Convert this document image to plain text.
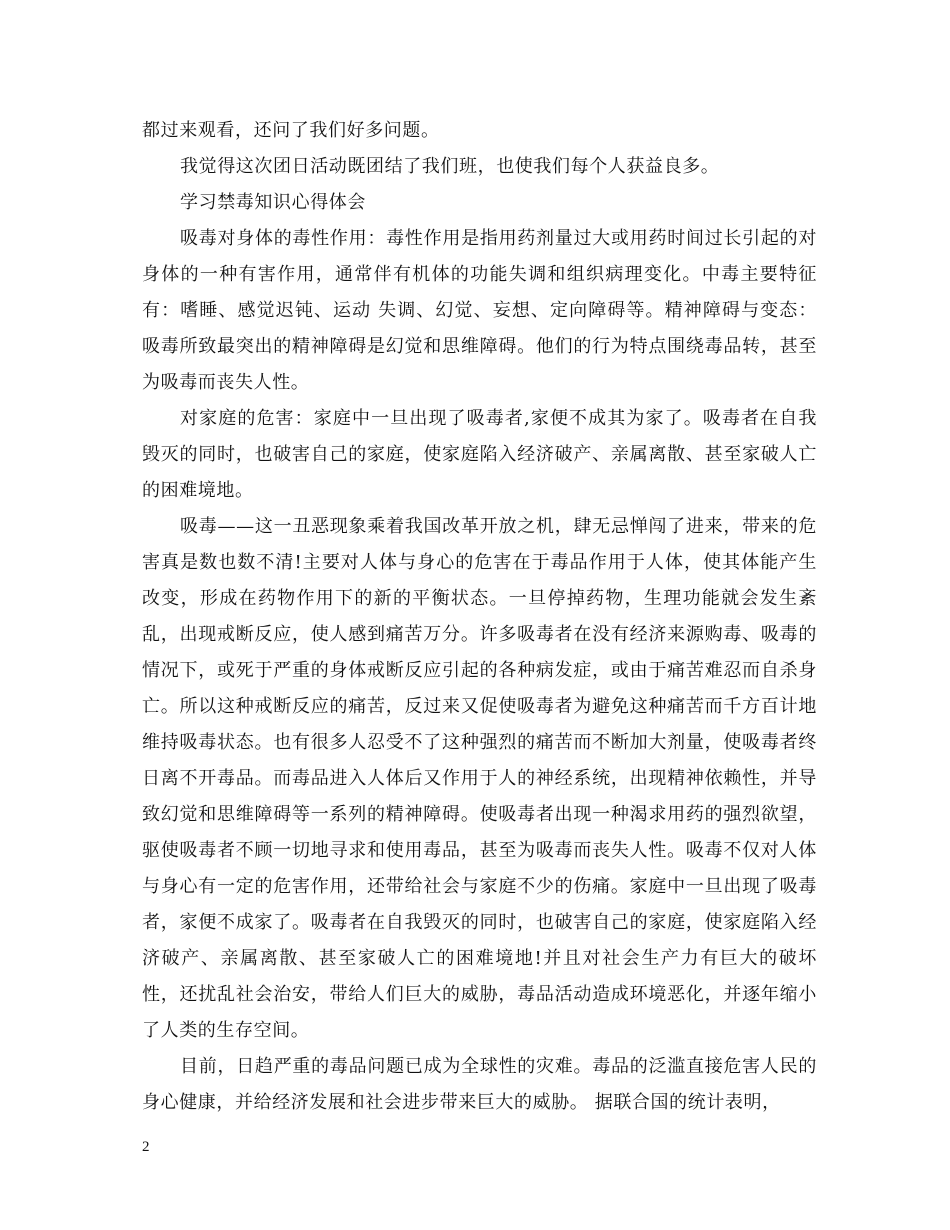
都过来观看，还问了我们好多问题。

我觉得这次团日活动既团结了我们班，也使我们每个人获益良多。

学习禁毒知识心得体会

吸毒对身体的毒性作用：毒性作用是指用药剂量过大或用药时间过长引起的对身体的一种有害作用，通常伴有机体的功能失调和组织病理变化。中毒主要特征有：嗜睡、感觉迟钝、运动 失调、幻觉、妄想、定向障碍等。精神障碍与变态：吸毒所致最突出的精神障碍是幻觉和思维障碍。他们的行为特点围绕毒品转，甚至为吸毒而丧失人性。

对家庭的危害：家庭中一旦出现了吸毒者,家便不成其为家了。吸毒者在自我毁灭的同时，也破害自己的家庭，使家庭陷入经济破产、亲属离散、甚至家破人亡的困难境地。

吸毒——这一丑恶现象乘着我国改革开放之机，肆无忌惮闯了进来，带来的危害真是数也数不清!主要对人体与身心的危害在于毒品作用于人体，使其体能产生改变，形成在药物作用下的新的平衡状态。一旦停掉药物，生理功能就会发生紊乱，出现戒断反应，使人感到痛苦万分。许多吸毒者在没有经济来源购毒、吸毒的情况下，或死于严重的身体戒断反应引起的各种病发症，或由于痛苦难忍而自杀身亡。所以这种戒断反应的痛苦，反过来又促使吸毒者为避免这种痛苦而千方百计地维持吸毒状态。也有很多人忍受不了这种强烈的痛苦而不断加大剂量，使吸毒者终日离不开毒品。而毒品进入人体后又作用于人的神经系统，出现精神依赖性，并导致幻觉和思维障碍等一系列的精神障碍。使吸毒者出现一种渴求用药的强烈欲望，驱使吸毒者不顾一切地寻求和使用毒品，甚至为吸毒而丧失人性。吸毒不仅对人体与身心有一定的危害作用，还带给社会与家庭不少的伤痛。家庭中一旦出现了吸毒者，家便不成家了。吸毒者在自我毁灭的同时，也破害自己的家庭，使家庭陷入经济破产、亲属离散、甚至家破人亡的困难境地!并且对社会生产力有巨大的破坏性，还扰乱社会治安，带给人们巨大的威胁，毒品活动造成环境恶化，并逐年缩小了人类的生存空间。

目前，日趋严重的毒品问题已成为全球性的灾难。毒品的泛滥直接危害人民的身心健康，并给经济发展和社会进步带来巨大的威胁。 据联合国的统计表明，

2
